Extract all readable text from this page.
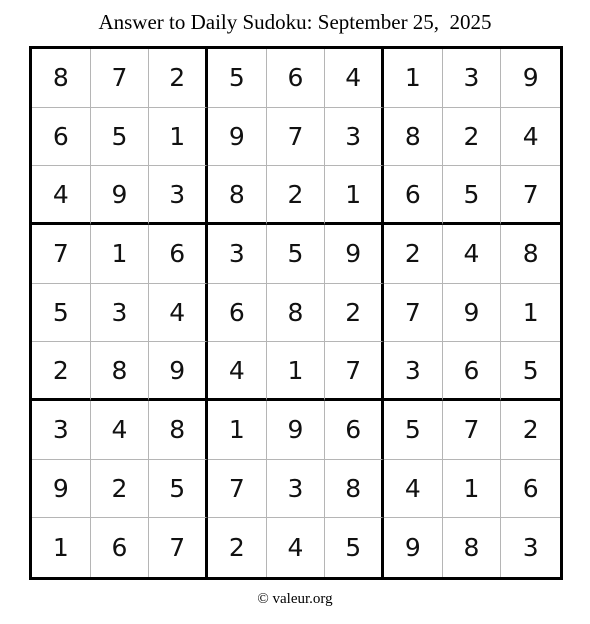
Answer to Daily Sudoku: September 25,  2025
8	7	2	5	6	4	1	3	9
6	5	1	9	7	3	8	2	4
4	9	3	8	2	1	6	5	7
7	1	6	3	5	9	2	4	8
5	3	4	6	8	2	7	9	1
2	8	9	4	1	7	3	6	5
3	4	8	1	9	6	5	7	2
9	2	5	7	3	8	4	1	6
1	6	7	2	4	5	9	8	3
© valeur.org
